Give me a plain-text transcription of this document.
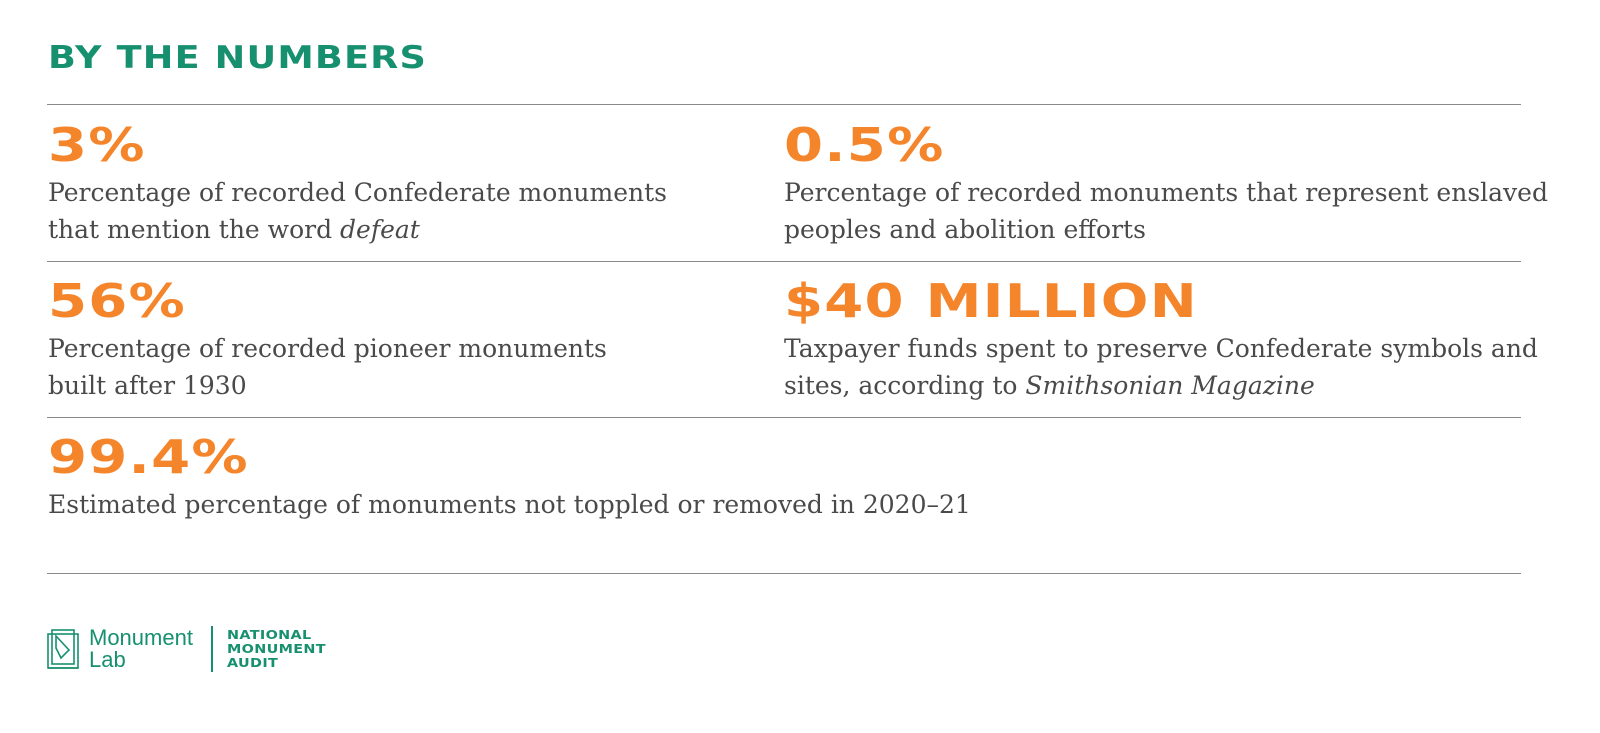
BY THE NUMBERS
3%
Percentage of recorded Confederate monuments
that mention the word defeat
0.5%
Percentage of recorded monuments that represent enslaved
peoples and abolition efforts
56%
Percentage of recorded pioneer monuments
built after 1930
$40 MILLION
Taxpayer funds spent to preserve Confederate symbols and
sites, according to Smithsonian Magazine
99.4%
Estimated percentage of monuments not toppled or removed in 2020–21
Monument
Lab
NATIONAL
MONUMENT
AUDIT
